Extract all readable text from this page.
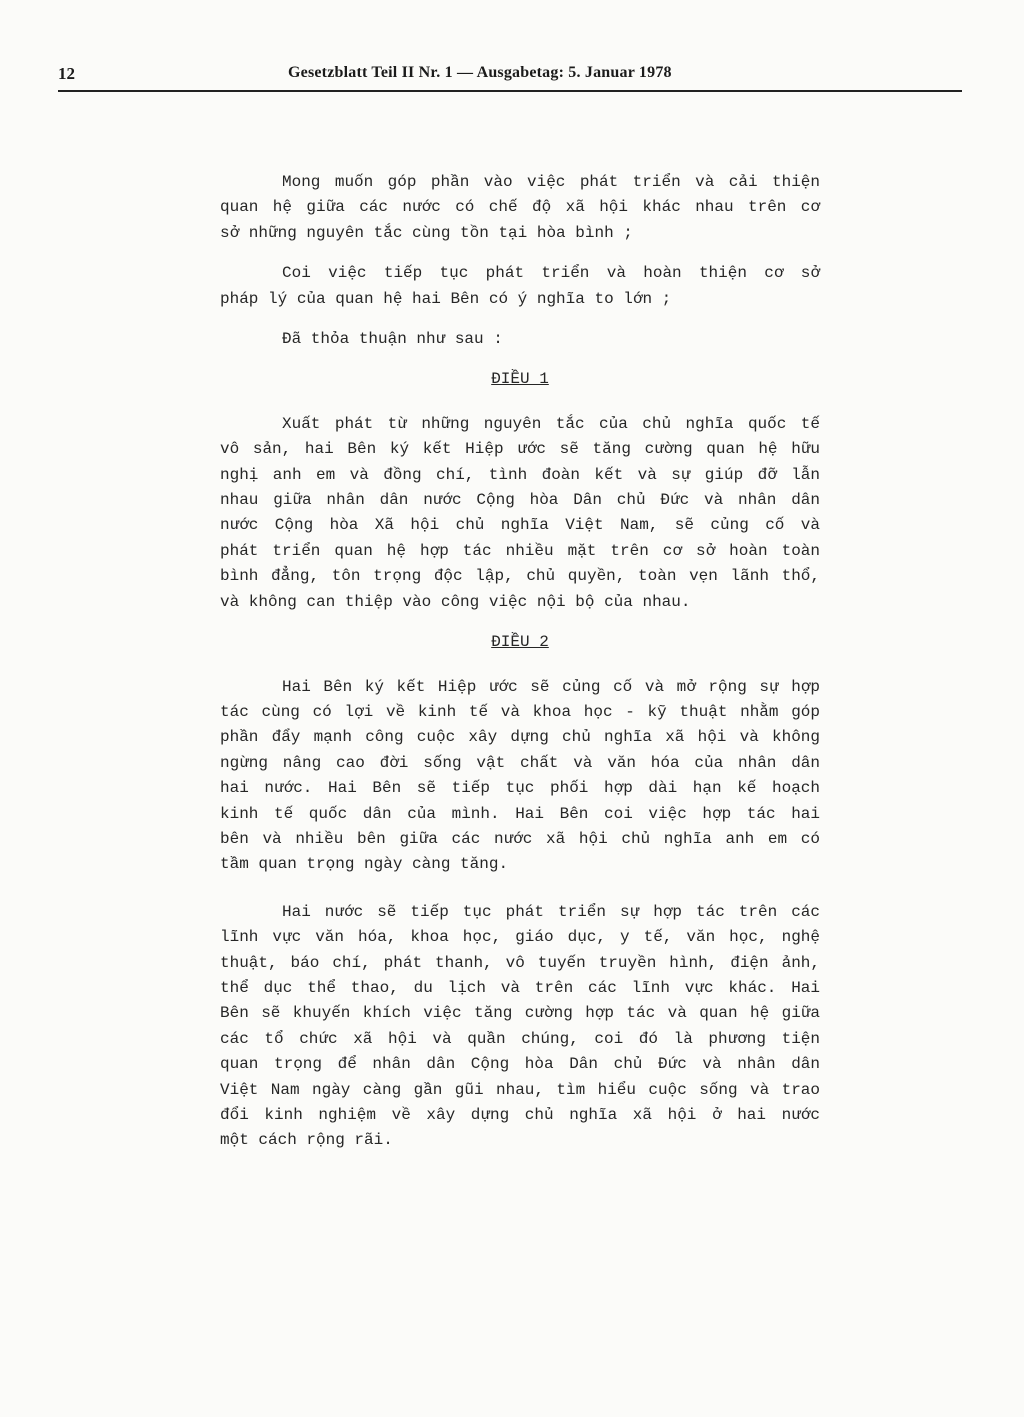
12	Gesetzblatt Teil II Nr. 1 — Ausgabetag: 5. Januar 1978

Mong muốn góp phần vào việc phát triển và cải thiện

quan hệ giữa các nước có chế độ xã hội khác nhau trên cơ

sở những nguyên tắc cùng tồn tại hòa bình ;

Coi việc tiếp tục phát triển và hoàn thiện cơ sở

pháp lý của quan hệ hai Bên có ý nghĩa to lớn ;

Đã thỏa thuận như sau :

ĐIỀU 1

Xuất phát từ những nguyên tắc của chủ nghĩa quốc tế

vô sản, hai Bên ký kết Hiệp ước sẽ tăng cường quan hệ hữu

nghị anh em và đồng chí, tình đoàn kết và sự giúp đỡ lẫn

nhau giữa nhân dân nước Cộng hòa Dân chủ Đức và nhân dân

nước Cộng hòa Xã hội chủ nghĩa Việt Nam, sẽ củng cố và

phát triển quan hệ hợp tác nhiều mặt trên cơ sở hoàn toàn

bình đẳng, tôn trọng độc lập, chủ quyền, toàn vẹn lãnh thổ,

và không can thiệp vào công việc nội bộ của nhau.

ĐIỀU 2

Hai Bên ký kết Hiệp ước sẽ củng cố và mở rộng sự hợp

tác cùng có lợi về kinh tế và khoa học - kỹ thuật nhằm góp

phần đẩy mạnh công cuộc xây dựng chủ nghĩa xã hội và không

ngừng nâng cao đời sống vật chất và văn hóa của nhân dân

hai nước. Hai Bên sẽ tiếp tục phối hợp dài hạn kế hoạch

kinh tế quốc dân của mình. Hai Bên coi việc hợp tác hai

bên và nhiều bên giữa các nước xã hội chủ nghĩa anh em có

tầm quan trọng ngày càng tăng.

Hai nước sẽ tiếp tục phát triển sự hợp tác trên các

lĩnh vực văn hóa, khoa học, giáo dục, y tế, văn học, nghệ

thuật, báo chí, phát thanh, vô tuyến truyền hình, điện ảnh,

thể dục thể thao, du lịch và trên các lĩnh vực khác. Hai

Bên sẽ khuyến khích việc tăng cường hợp tác và quan hệ giữa

các tổ chức xã hội và quần chúng, coi đó là phương tiện

quan trọng để nhân dân Cộng hòa Dân chủ Đức và nhân dân

Việt Nam ngày càng gần gũi nhau, tìm hiểu cuộc sống và trao

đổi kinh nghiệm về xây dựng chủ nghĩa xã hội ở hai nước

một cách rộng rãi.
